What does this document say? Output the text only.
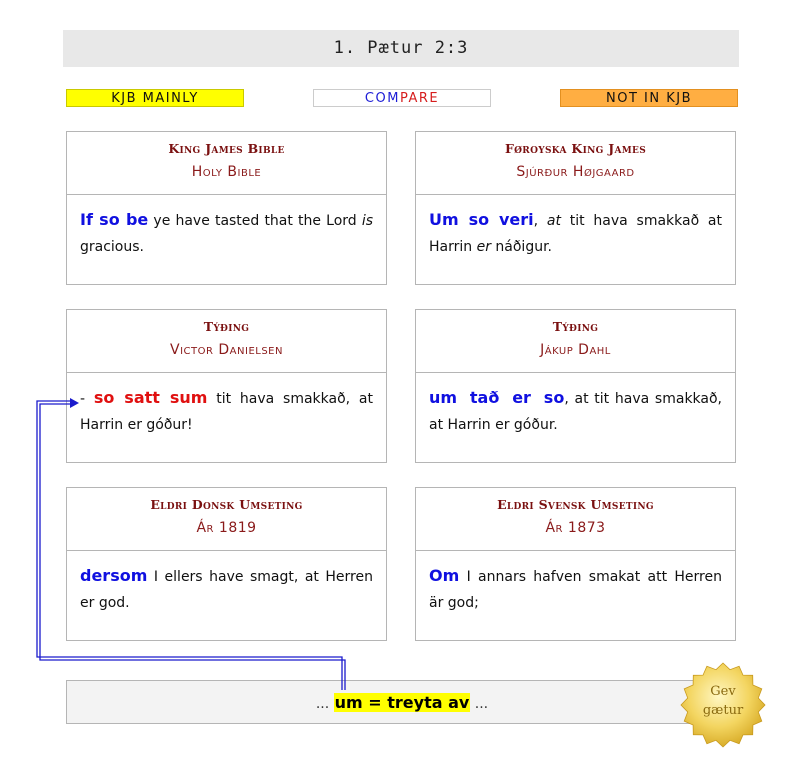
1. Pætur 2:3
KJB MAINLY	COMPARE	NOT IN KJB
King James Bible
Holy Bible
If so be ye have tasted that the Lord is gracious.
Føroyska King James
Sjúrður Højgaard
Um so veri, at tit hava smakkað at Harrin er náðigur.
Týðing
Victor Danielsen
- so satt sum tit hava smakkað, at Harrin er góður!
Týðing
Jákup Dahl
um tað er so, at tit hava smakkað, at Harrin er góður.
Eldri Donsk Umseting
Ár 1819
dersom I ellers have smagt, at Herren er god.
Eldri Svensk Umseting
Ár 1873
Om I annars hafven smakat att Herren är god;
... um = treyta av ...
Gev
gætur
